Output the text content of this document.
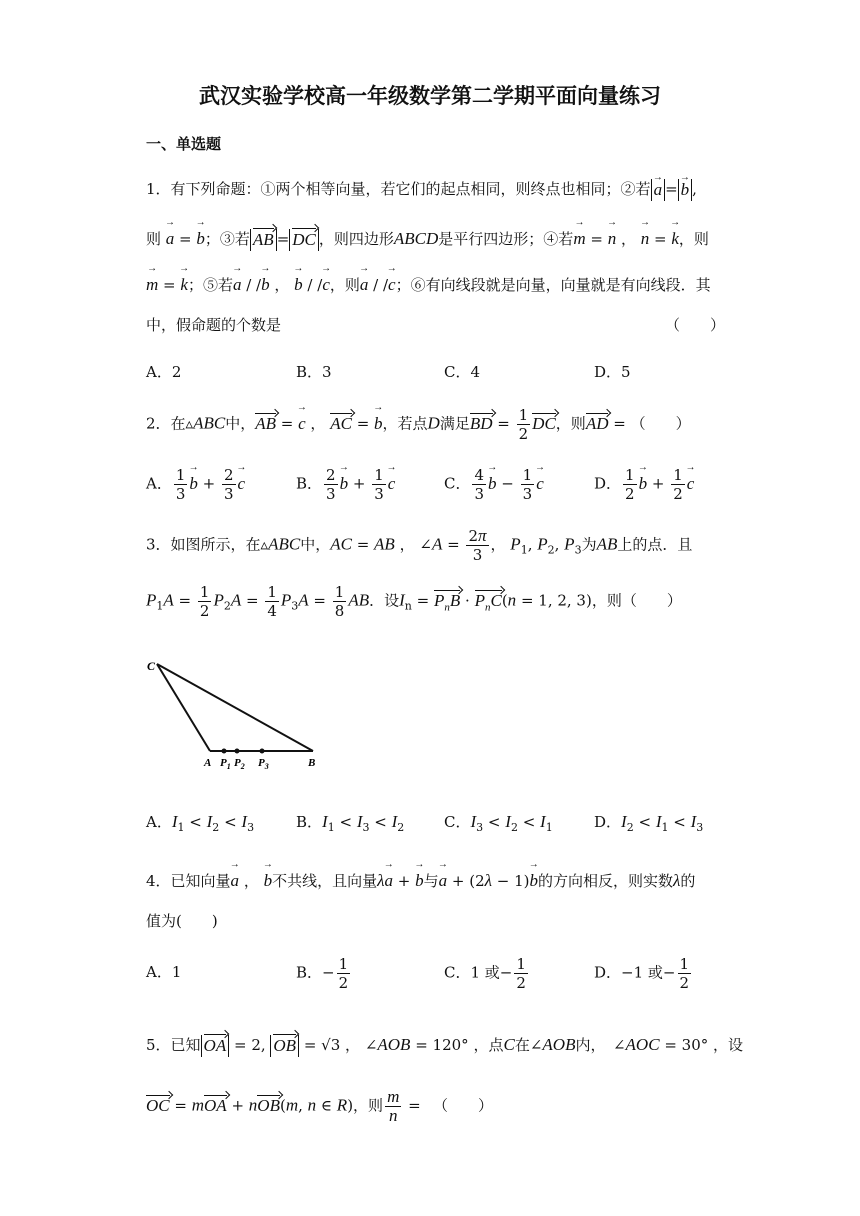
武汉实验学校高一年级数学第二学期平面向量练习
一、单选题
1．有下列命题：①两个相等向量，若它们的起点相同，则终点也相同；②若→ a =→ b ,
则 → a = → b；③若 AB = DC ，则四边形ABCD是平行四边形；④若→ m = → n ， → n = → k，则
→ m = → k；⑤若→ a / /→ b ， → b / /→ c，则→ a / /→ c；⑥有向线段就是向量，向量就是有向线段．其
中，假命题的个数是	（　　）
A．2	B．3	C．4	D．5
2．在▵ABC中，AB = → c ， AC = → b，若点D满足BD = $\frac{1}{2}$ DC，则AD = （　　）
A． $\frac{1}{3}$
→ $b + \frac{2}{3}$
→ c	B． $\frac{2}{3}$
→ $b + \frac{1}{3}$
→ c	C． $\frac{4}{3}$
→ $b - \frac{1}{3}$
→ c	D． $\frac{1}{2}$
→ $b + \frac{1}{2}$
→ c
3．如图所示，在▵ABC中，AC = AB ， ∠A = $\frac{2\pi}{3}$ ， $P_1$, $P_2$, $P_3$为AB上的点．且
$P_1A = \frac{1}{2} P_2A = \frac{1}{4} P_3A = \frac{1}{8}$ AB．设$I_n = P_nB \cdot P_nC(n = 1$, 2, 3)，则（　　）
C
A $P_1$ $P_2$ $P_3$	B
A．$I_1 < I_2 < I_3$	B．$I_1 < I_3 < I_2$	C．$I_3 < I_2 < I_1$	D．$I_2 < I_1 < I_3$
4．已知向量→ a ， → b不共线，且向量λ→ a + → b与→ a + (2λ − 1)→ b的方向相反，则实数λ的
值为(　　)
A．1	B．− $\frac{1}{2}$	C．1 或− $\frac{1}{2}$	D．−1 或− $\frac{1}{2}$
5．已知 OA = 2, OB = √3 ， ∠AOB = 120° ，点C在∠AOB内，　∠AOC = 30° ，设
OC = mOA + nOB(m, n ∈ R)，则 $\frac{m}{n}$ = 　（　　）
